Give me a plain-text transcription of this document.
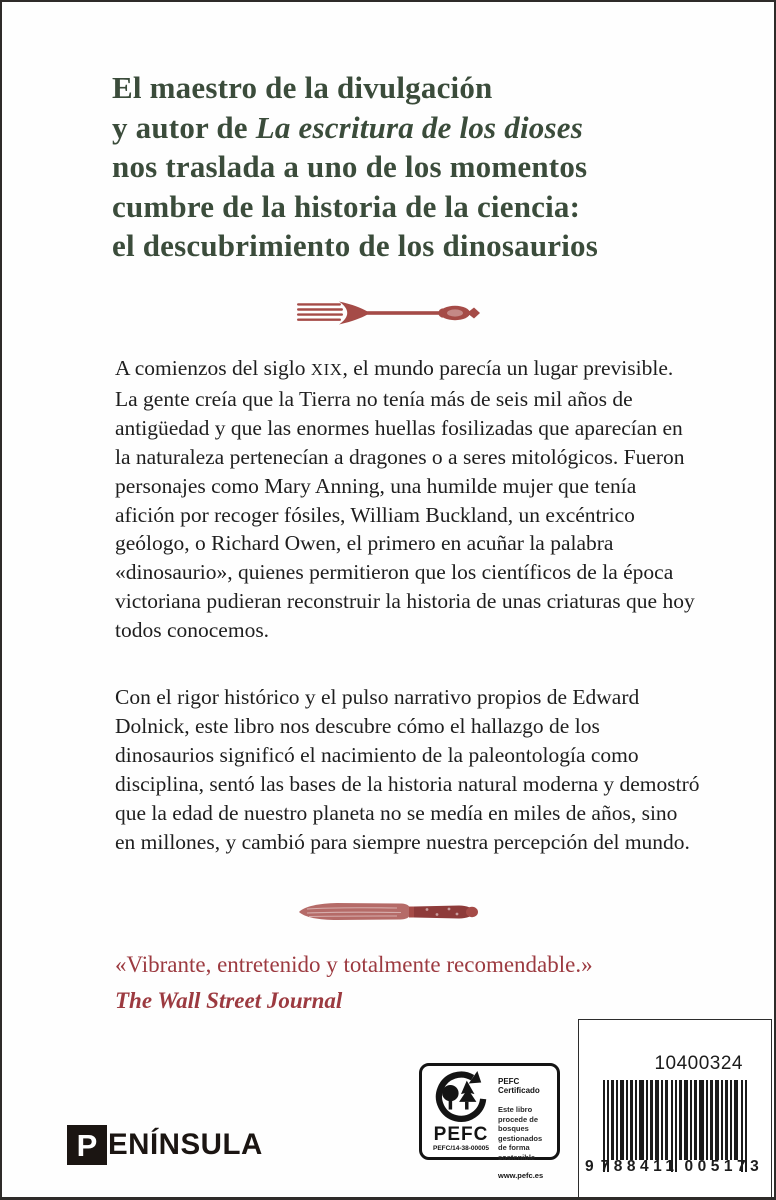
El maestro de la divulgación
y autor de La escritura de los dioses
nos traslada a uno de los momentos
cumbre de la historia de la ciencia:
el descubrimiento de los dinosaurios
A comienzos del siglo XIX, el mundo parecía un lugar previsible. La gente creía que la Tierra no tenía más de seis mil años de antigüedad y que las enormes huellas fosilizadas que aparecían en la naturaleza pertenecían a dragones o a seres mitológicos. Fueron personajes como Mary Anning, una humilde mujer que tenía afición por recoger fósiles, William Buckland, un excéntrico geólogo, o Richard Owen, el primero en acuñar la palabra «dinosaurio», quienes permitieron que los científicos de la época victoriana pudieran reconstruir la historia de unas criaturas que hoy todos conocemos.
Con el rigor histórico y el pulso narrativo propios de Edward Dolnick, este libro nos descubre cómo el hallazgo de los dinosaurios significó el nacimiento de la paleontología como disciplina, sentó las bases de la historia natural moderna y demostró que la edad de nuestro planeta no se medía en miles de años, sino en millones, y cambió para siempre nuestra percepción del mundo.
«Vibrante, entretenido y totalmente recomendable.»
The Wall Street Journal
PEFC
PEFC/14-38-00005
PEFC Certificado
Este libro procede de bosques gestionados de forma sostenible
www.pefc.es
10400324
9 788411 005173
P ENÍNSULA
